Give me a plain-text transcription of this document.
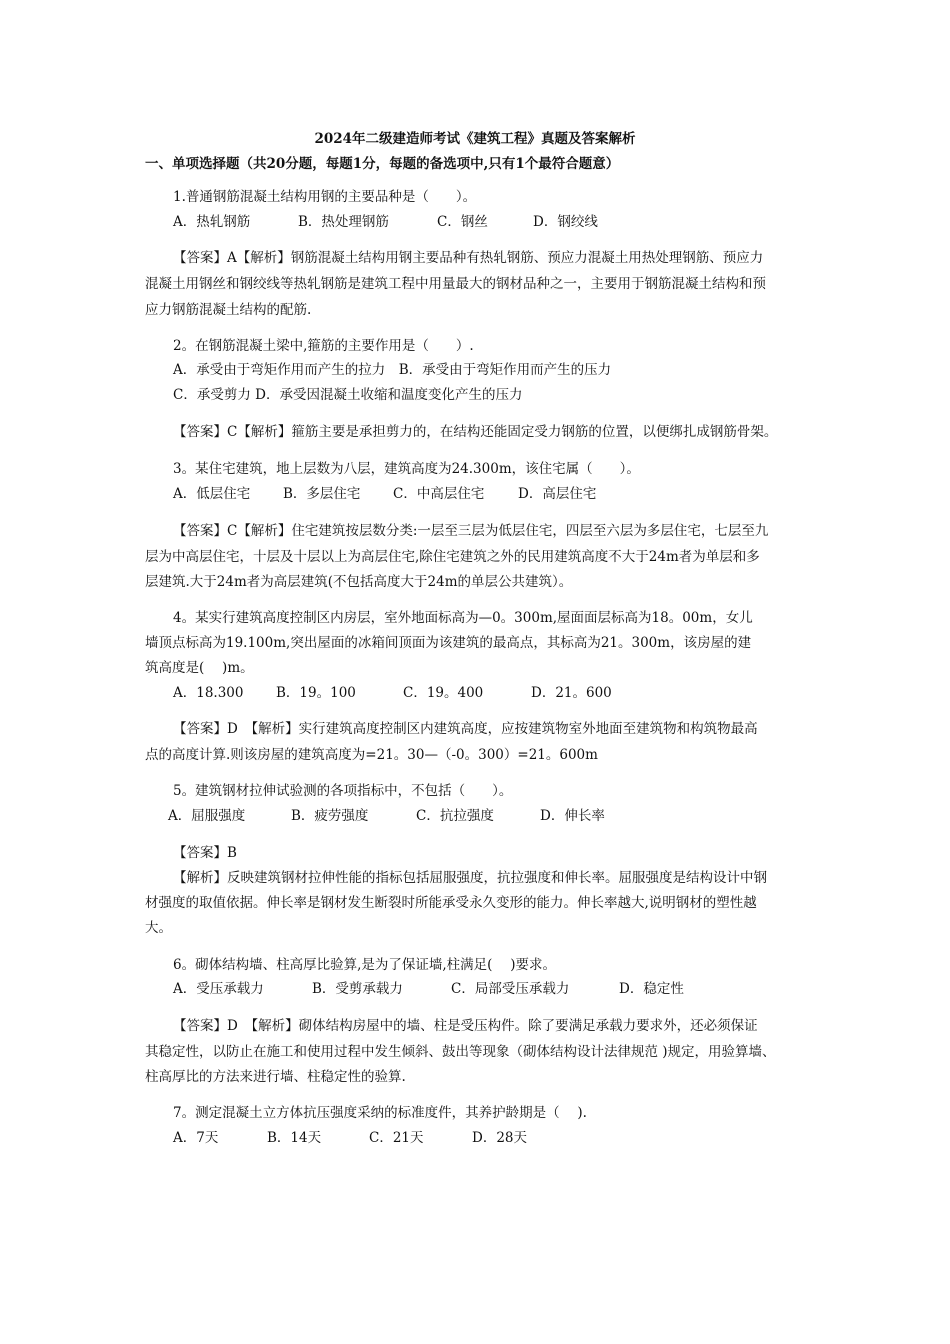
2024年二级建造师考试《建筑工程》真题及答案解析
一、单项选择题（共20分题，每题1分，每题的备选项中,只有1个最符合题意）
1.普通钢筋混凝土结构用钢的主要品种是（　　）。
A．热轧钢筋	B．热处理钢筋	C．钢丝	D．钢绞线
【答案】A【解析】钢筋混凝土结构用钢主要品种有热轧钢筋、预应力混凝土用热处理钢筋、预应力
混凝土用钢丝和钢绞线等热轧钢筋是建筑工程中用量最大的钢材品种之一，主要用于钢筋混凝土结构和预
应力钢筋混凝土结构的配筋.
2。在钢筋混凝土梁中,箍筋的主要作用是（　　）.
A．承受由于弯矩作用而产生的拉力　B．承受由于弯矩作用而产生的压力
C．承受剪力 D．承受因混凝土收缩和温度变化产生的压力
【答案】C【解析】箍筋主要是承担剪力的，在结构还能固定受力钢筋的位置，以便绑扎成钢筋骨架。
3。某住宅建筑，地上层数为八层，建筑高度为24.300m，该住宅属（　　）。
A．低层住宅 B．多层住宅 C．中高层住宅 D．高层住宅
【答案】C【解析】住宅建筑按层数分类:一层至三层为低层住宅，四层至六层为多层住宅，七层至九
层为中高层住宅，十层及十层以上为高层住宅,除住宅建筑之外的民用建筑高度不大于24m者为单层和多
层建筑.大于24m者为高层建筑(不包括高度大于24m的单层公共建筑）。
4。某实行建筑高度控制区内房层，室外地面标高为—0。300m,屋面面层标高为18。00m，女儿
墙顶点标高为19.100m,突出屋面的冰箱间顶面为该建筑的最高点，其标高为21。300m，该房屋的建
筑高度是(　 )m。
A．18.300 B．19。100	C．19。400	D．21。600
【答案】D　【解析】实行建筑高度控制区内建筑高度，应按建筑物室外地面至建筑物和构筑物最高
点的高度计算.则该房屋的建筑高度为=21。30—（-0。300）=21。600m
5。建筑钢材拉伸试验测的各项指标中，不包括（　　）。
A．屈服强度	B．疲劳强度	C．抗拉强度	D．伸长率
【答案】B
【解析】反映建筑钢材拉伸性能的指标包括屈服强度，抗拉强度和伸长率。屈服强度是结构设计中钢
材强度的取值依据。伸长率是钢材发生断裂时所能承受永久变形的能力。伸长率越大,说明钢材的塑性越
大。
6。砌体结构墙、柱高厚比验算,是为了保证墙,柱满足(　 )要求。
A．受压承载力	B．受剪承载力	C．局部受压承载力	D．稳定性
【答案】D　【解析】砌体结构房屋中的墙、柱是受压构件。除了要满足承载力要求外，还必须保证
其稳定性，以防止在施工和使用过程中发生倾斜、鼓出等现象（砌体结构设计法律规范 )规定，用验算墙、
柱高厚比的方法来进行墙、柱稳定性的验算.
7。测定混凝土立方体抗压强度采纳的标准度件，其养护龄期是（　 ).
A．7天	B．14天	C．21天	D．28天
